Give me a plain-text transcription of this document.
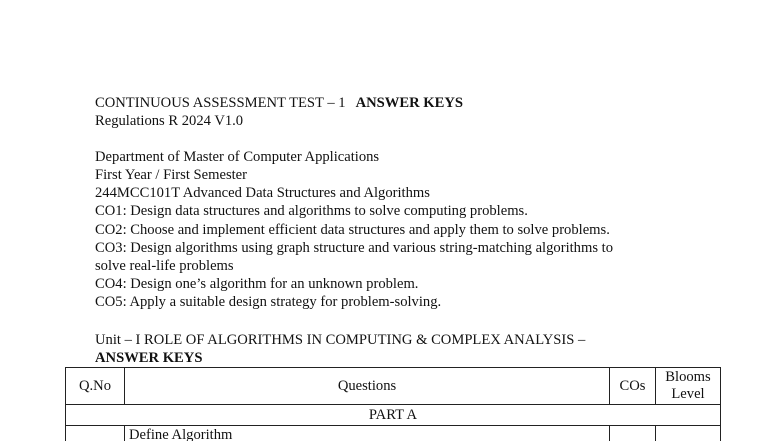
CONTINUOUS ASSESSMENT TEST – 1 ANSWER KEYS
Regulations R 2024 V1.0
Department of Master of Computer Applications
First Year / First Semester
244MCC101T Advanced Data Structures and Algorithms
CO1: Design data structures and algorithms to solve computing problems.
CO2: Choose and implement efficient data structures and apply them to solve problems.
CO3: Design algorithms using graph structure and various string-matching algorithms to
solve real-life problems
CO4: Design one’s algorithm for an unknown problem.
CO5: Apply a suitable design strategy for problem-solving.
Unit – I ROLE OF ALGORITHMS IN COMPUTING & COMPLEX ANALYSIS –
ANSWER KEYS
Q.No	Questions	COs	Blooms
Level

PART A			
	Define Algorithm		
